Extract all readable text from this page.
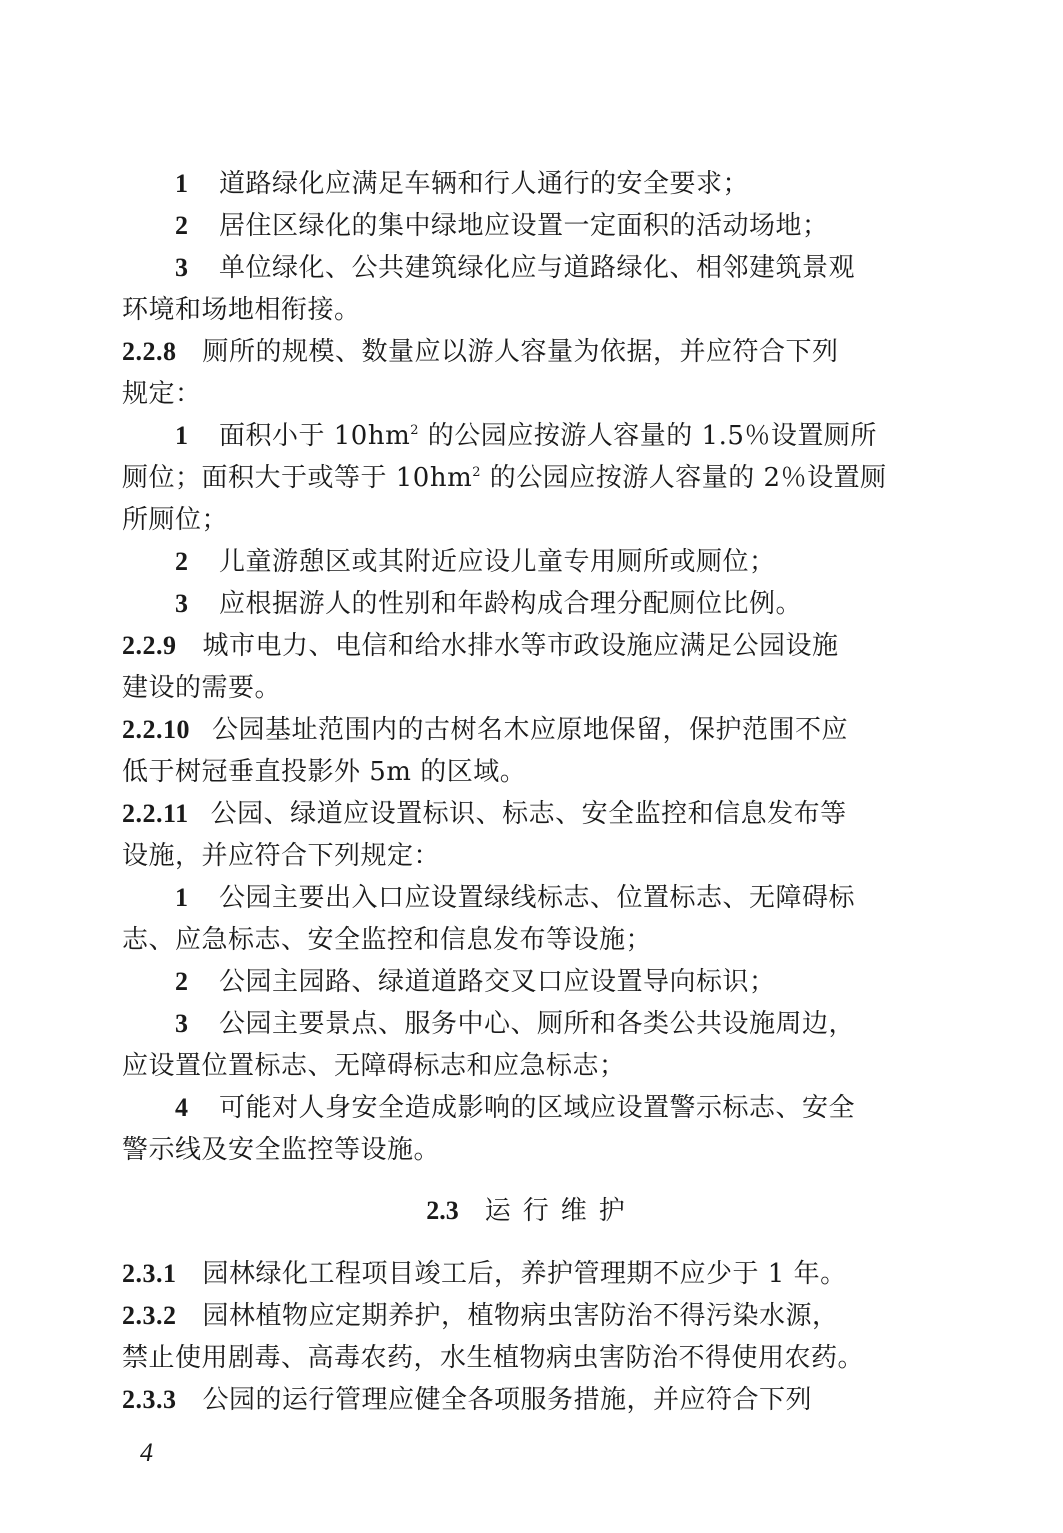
1 道路绿化应满足车辆和行人通行的安全要求；
2 居住区绿化的集中绿地应设置一定面积的活动场地；
3 单位绿化、公共建筑绿化应与道路绿化、相邻建筑景观
环境和场地相衔接。
2.2.8 厕所的规模、数量应以游人容量为依据，并应符合下列
规定：
1 面积小于 $10hm^2$ 的公园应按游人容量的 1.5％设置厕所
厕位；面积大于或等于 $10hm^2$ 的公园应按游人容量的 2％设置厕
所厕位；
2 儿童游憩区或其附近应设儿童专用厕所或厕位；
3 应根据游人的性别和年龄构成合理分配厕位比例。
2.2.9 城市电力、电信和给水排水等市政设施应满足公园设施
建设的需要。
2.2.10 公园基址范围内的古树名木应原地保留，保护范围不应
低于树冠垂直投影外 5m 的区域。
2.2.11 公园、绿道应设置标识、标志、安全监控和信息发布等
设施，并应符合下列规定：
1 公园主要出入口应设置绿线标志、位置标志、无障碍标
志、应急标志、安全监控和信息发布等设施；
2 公园主园路、绿道道路交叉口应设置导向标识；
3 公园主要景点、服务中心、厕所和各类公共设施周边，
应设置位置标志、无障碍标志和应急标志；
4 可能对人身安全造成影响的区域应设置警示标志、安全
警示线及安全监控等设施。
2.3 运行维护
2.3.1 园林绿化工程项目竣工后，养护管理期不应少于 1 年。
2.3.2 园林植物应定期养护，植物病虫害防治不得污染水源，
禁止使用剧毒、高毒农药，水生植物病虫害防治不得使用农药。
2.3.3 公园的运行管理应健全各项服务措施，并应符合下列
4
